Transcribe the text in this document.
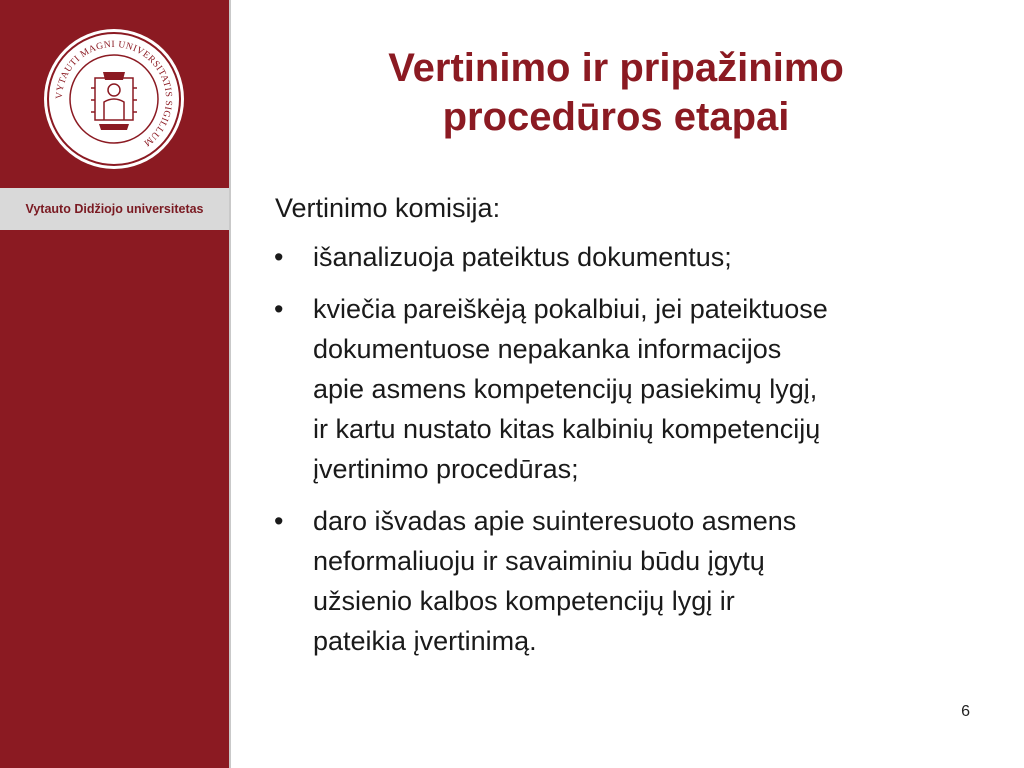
VYTAUTI MAGNI UNIVERSITATIS SIGILLUM
Vytauto Didžiojo universitetas
Vertinimo ir pripažinimo
procedūros etapai

Vertinimo komisija:

• išanalizuoja pateiktus dokumentus;
• kviečia pareiškėją pokalbiui, jei pateiktuose
dokumentuose nepakanka informacijos
apie asmens kompetencijų pasiekimų lygį,
ir kartu nustato kitas kalbinių kompetencijų
įvertinimo procedūras;
• daro išvadas apie suinteresuoto asmens
neformaliuoju ir savaiminiu būdu įgytų
užsienio kalbos kompetencijų lygį ir
pateikia įvertinimą.
6
